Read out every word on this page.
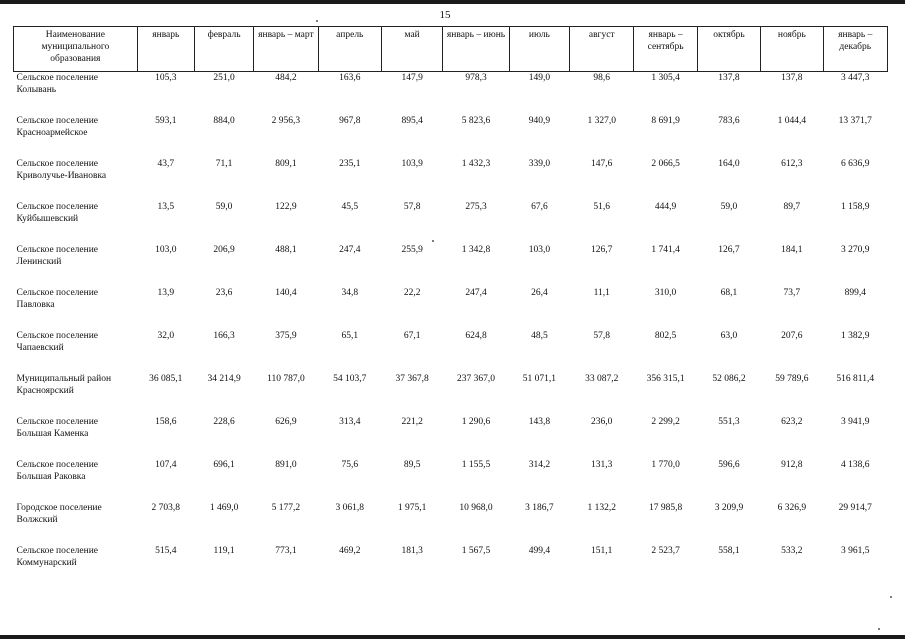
15
Наименование муниципального образования	январь	февраль	январь – март	апрель	май	январь – июнь	июль	август	январь – сентябрь	октябрь	ноябрь	январь – декабрь
Сельское поселение Колывань	105,3	251,0	484,2	163,6	147,9	978,3	149,0	98,6	1 305,4	137,8	137,8	3 447,3
Сельское поселение Красноармейское	593,1	884,0	2 956,3	967,8	895,4	5 823,6	940,9	1 327,0	8 691,9	783,6	1 044,4	13 371,7
Сельское поселение Криволучье-Ивановка	43,7	71,1	809,1	235,1	103,9	1 432,3	339,0	147,6	2 066,5	164,0	612,3	6 636,9
Сельское поселение Куйбышевский	13,5	59,0	122,9	45,5	57,8	275,3	67,6	51,6	444,9	59,0	89,7	1 158,9
Сельское поселение Ленинский	103,0	206,9	488,1	247,4	255,9	1 342,8	103,0	126,7	1 741,4	126,7	184,1	3 270,9
Сельское поселение Павловка	13,9	23,6	140,4	34,8	22,2	247,4	26,4	11,1	310,0	68,1	73,7	899,4
Сельское поселение Чапаевский	32,0	166,3	375,9	65,1	67,1	624,8	48,5	57,8	802,5	63,0	207,6	1 382,9
Муниципальный район Красноярский	36 085,1	34 214,9	110 787,0	54 103,7	37 367,8	237 367,0	51 071,1	33 087,2	356 315,1	52 086,2	59 789,6	516 811,4
Сельское поселение Большая Каменка	158,6	228,6	626,9	313,4	221,2	1 290,6	143,8	236,0	2 299,2	551,3	623,2	3 941,9
Сельское поселение Большая Раковка	107,4	696,1	891,0	75,6	89,5	1 155,5	314,2	131,3	1 770,0	596,6	912,8	4 138,6
Городское поселение Волжский	2 703,8	1 469,0	5 177,2	3 061,8	1 975,1	10 968,0	3 186,7	1 132,2	17 985,8	3 209,9	6 326,9	29 914,7
Сельское поселение Коммунарский	515,4	119,1	773,1	469,2	181,3	1 567,5	499,4	151,1	2 523,7	558,1	533,2	3 961,5
